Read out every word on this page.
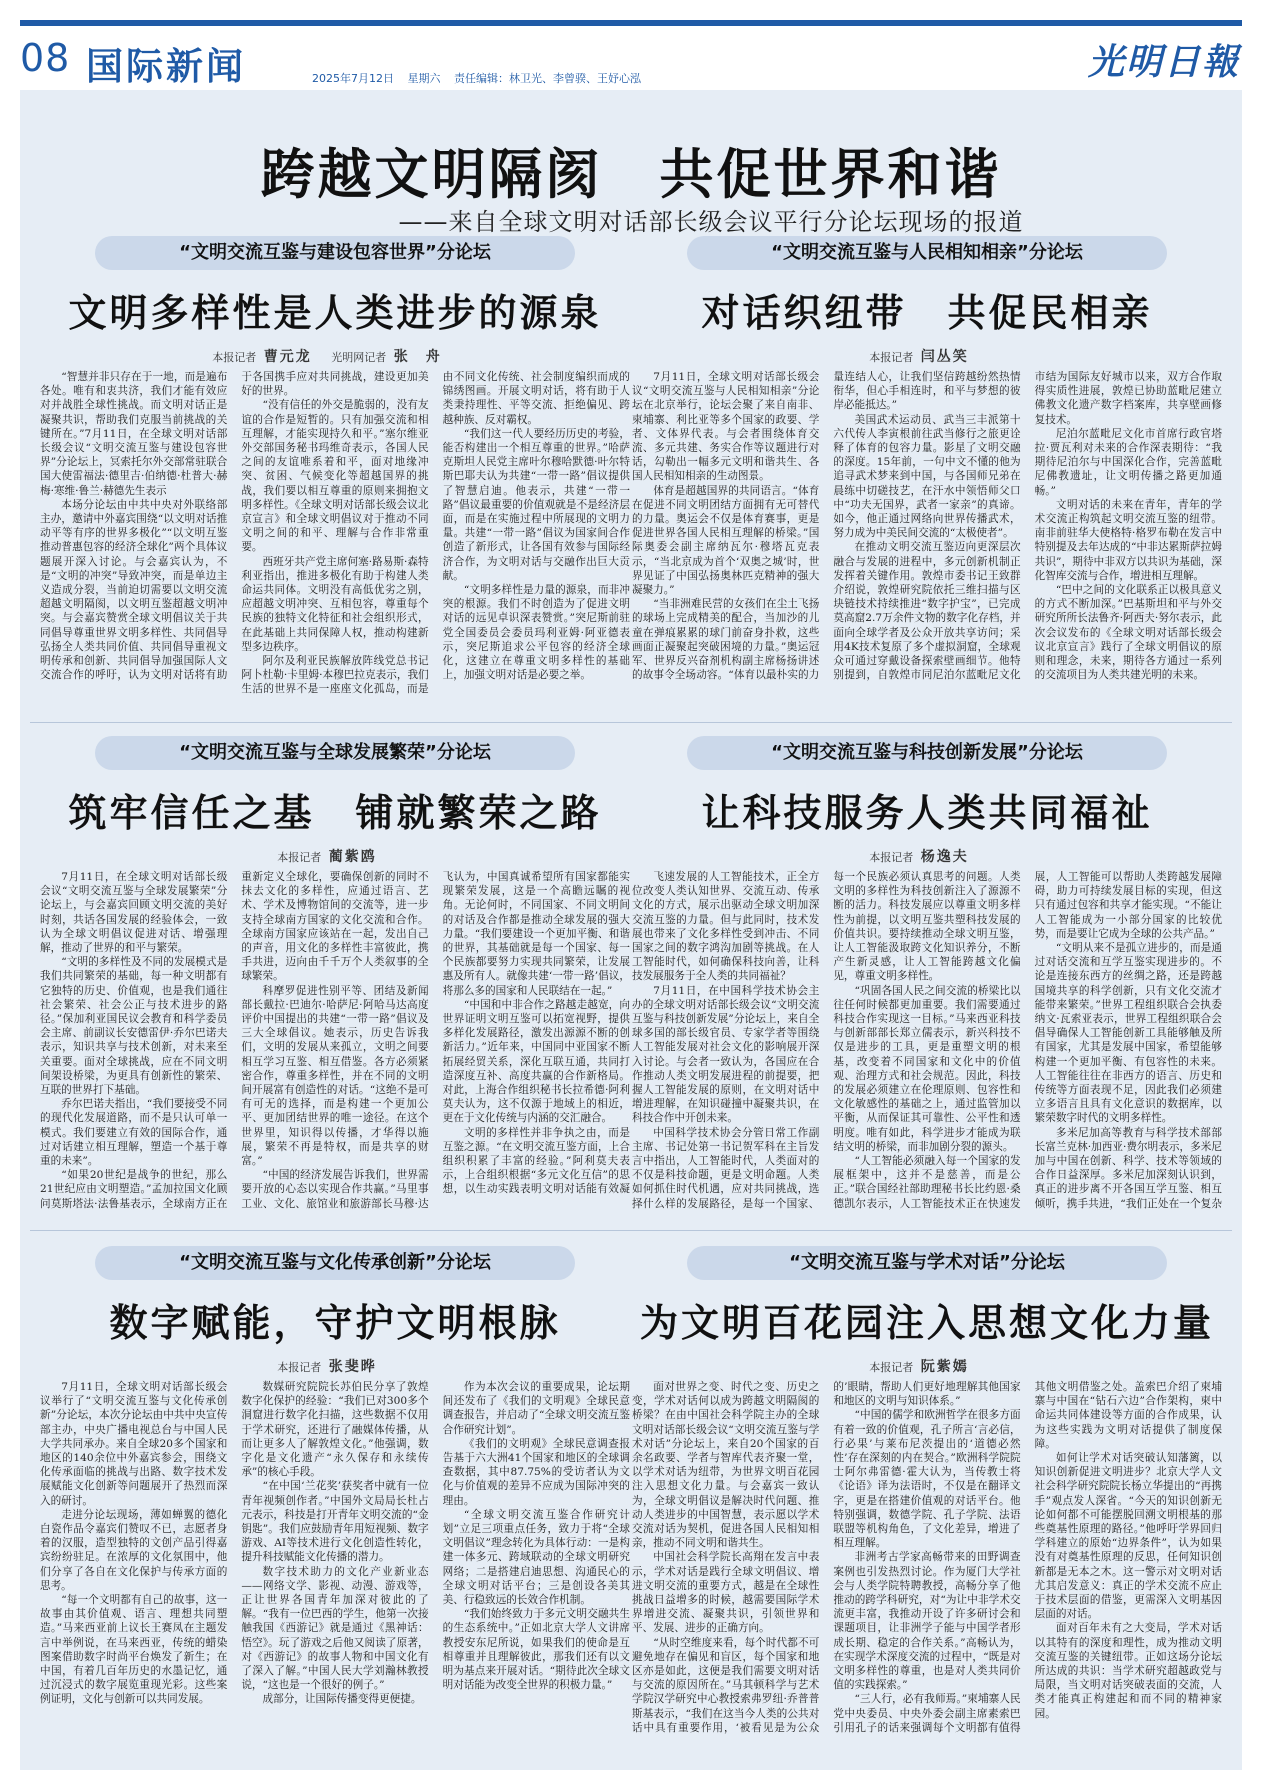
08 国际新闻	2025年7月12日 星期六 责任编辑：林卫光、李曾骙、王妤心泓	光明日報
跨越文明隔阂　共促世界和谐
——来自全球文明对话部长级会议平行分论坛现场的报道
“文明交流互鉴与建设包容世界”分论坛
文明多样性是人类进步的源泉
本报记者 曹元龙 光明网记者 张　舟

“智慧并非只存在于一地，而是遍布各处。唯有和衷共济，我们才能有效应对并战胜全球性挑战。而文明对话正是凝聚共识，帮助我们克服当前挑战的关键所在。”7月11日，在全球文明对话部长级会议“文明交流互鉴与建设包容世界”分论坛上，冥索托尔外交部常驻联合国大使雷福法·德里吉·伯纳德·杜普大·赫梅·寒维·鲁兰·赫德先生表示

本场分论坛由中共中央对外联络部主办，邀请中外嘉宾围绕“以文明对话推动平等有序的世界多极化”“以文明互鉴推动普惠包容的经济全球化”两个具体议题展开深入讨论。与会嘉宾认为，不是“文明的冲突”导致冲突，而是单边主义造成分裂，当前迫切需要以文明交流超越文明隔阂，以文明互鉴超越文明冲突。与会嘉宾赞赏全球文明倡议关于共同倡导尊重世界文明多样性、共同倡导弘扬全人类共同价值、共同倡导重视文明传承和创新、共同倡导加强国际人文交流合作的呼吁，认为文明对话将有助于各国携手应对共同挑战，建设更加美好的世界。

“没有信任的外交是脆弱的，没有友谊的合作是短暂的。只有加强交流和相互理解，才能实现持久和平。”塞尔维亚外交部国务秘书玛维奇表示，各国人民之间的友谊唯系着和平，面对地缘冲突、贫困、气候变化等超越国界的挑战，我们要以相互尊重的原则来拥抱文明多样性。《全球文明对话部长级会议北京宣言》和全球文明倡议对于推动不同文明之间的和平、理解与合作非常重要。

西班牙共产党主席何塞·路易斯·森特利亚指出，推进多极化有助于构建人类命运共同体。文明没有高低优劣之别，应超越文明冲突、互相包容，尊重每个民族的独特文化特征和社会组织形式，在此基础上共同保障人权，推动构建新型多边秩序。

阿尔及利亚民族解放阵线党总书记阿卜杜勒·卡里姆·本穆巴拉克表示，我们生活的世界不是一座座文化孤岛，而是由不同文化传统、社会制度编织而成的锦绣图画。开展文明对话，将有助于人类秉持理性、平等交流、拒绝偏见、跨越种族、反对霸权。

“我们这一代人要经历历史的考验，能否构建出一个相互尊重的世界。”哈萨克斯坦人民党主席叶尔穆哈默德·叶尔特斯巴耶夫认为共建“一带一路”倡议提供了智慧启迪。他表示，共建“一带一路”倡议最重要的价值观就是不是经济层面，而是在实施过程中所展现的文明力量。共建“一带一路”倡议为国家间合作创造了新形式，让各国有效参与国际经济合作，为文明对话与交融作出巨大贡献。

“文明多样性是力量的源泉，而非冲突的根源。我们不时创造为了促进文明对话的远见卓识深表赞赏。”突尼斯前驻党全国委员会委员玛利亚姆·阿亚德表示，突尼斯追求公平包容的经济全球化，这建立在尊重文明多样性的基础上，加强文明对话是必要之举。

“文明交流互鉴与人民相知相亲”分论坛
对话织纽带　共促民相亲
本报记者 闫丛笑

7月11日，全球文明对话部长级会议“文明交流互鉴与人民相知相亲”分论坛在北京举行，论坛会聚了来自南非、柬埔寨、利比亚等多个国家的政要、学者、文体界代表。与会者围绕体育交流、多元共建、务实合作等议题进行对话，勾勒出一幅多元文明和谐共生、各国人民相知相亲的生动图景。

体育是超越国界的共同语言。“体育在促进不同文明团结方面拥有无可替代的力量。奥运会不仅是体育赛事，更是促进世界各国人民相互理解的桥梁。”国际奥委会副主席纳瓦尔·穆塔瓦克表示，“当北京成为首个‘双奥之城’时，世界见证了中国弘扬奥林匹克精神的强大凝聚力。”

“当非洲难民营的女孩们在尘土飞扬的球场上完成精美的配合，当加沙的儿童在弹痕累累的球门前奋身扑救，这些画面正凝聚起突破困境的力量。”奥运冠军、世界反兴奋剂机构副主席杨扬讲述的故事令全场动容。“体育以最朴实的力量连结人心，让我们坚信跨越纷然热情衔华，但心手相连时，和平与梦想的彼岸必能抵达。”

美国武术运动员、武当三丰派第十六代传人李寅根前往武当修行之旅更诠释了体育的包容力量。影星了文明交融的深度。15年前，一句中文不懂的他为追寻武术梦来到中国，与各国师兄弟在晨练中切磋技艺，在汗水中领悟师父口中“功夫无国界，武者一家亲”的真谛。如今，他正通过网络向世界传播武术，努力成为中美民间交流的“太极使者”。

在推动文明交流互鉴迈向更深层次融合与发展的进程中，多元创新机制正发挥着关键作用。敦煌市委书记王致群介绍说，敦煌研究院依托三维扫描与区块链技术持续推进“数字护宝”，已完成莫高窟2.7万余件文物的数字化存档，并面向全球学者及公众开放共享访问；采用4K技术复原了多个虚拟洞窟，全球观众可通过穿戴设备探索壁画细节。他特别提到，自敦煌市同尼泊尔蓝毗尼文化市结为国际友好城市以来，双方合作取得实质性进展，敦煌已协助蓝毗尼建立佛教文化遗产数字档案库，共享壁画修复技术。

尼泊尔蓝毗尼文化市首席行政官塔拉·贾瓦利对未来的合作深表期待：“我期待尼泊尔与中国深化合作，完善蓝毗尼佛教遗址，让文明传播之路更加通畅。”

文明对话的未来在青年，青年的学术交流正构筑起文明交流互鉴的纽带。南非前驻华大使格特·格罗布勒在发言中特别提及去年达成的“中非达累斯萨拉姆共识”，期待中非双方以共识为基础，深化智库交流与合作，增进相互理解。

“巴中之间的文化联系正以极具意义的方式不断加深。”巴基斯坦和平与外交研究所所长法鲁齐·阿西夫·努尔表示，此次会议发布的《全球文明对话部长级会议北京宣言》践行了全球文明倡议的原则和理念，未来，期待各方通过一系列的交流项目为人类共建光明的未来。

“文明交流互鉴与全球发展繁荣”分论坛
筑牢信任之基　铺就繁荣之路
本报记者 蔺紫鸥

7月11日，在全球文明对话部长级会议“文明交流互鉴与全球发展繁荣”分论坛上，与会嘉宾回顾文明交流的美好时刻，共话各国发展的经验体会，一致认为全球文明倡议促进对话、增强理解，推动了世界的和平与繁荣。

“文明的多样性及不同的发展模式是我们共同繁荣的基础，每一种文明都有它独特的历史、价值观，也是我们通往社会繁荣、社会公正与技术进步的路径。”保加利亚国民议会教育和科学委员会主席、前副议长安德雷伊·乔尔巴诺夫表示，知识共享与技术创新，对未来至关重要。面对全球挑战，应在不同文明间架设桥梁，为更具有创新性的繁荣、互联的世界打下基础。

乔尔巴诺夫指出，“我们要接受不同的现代化发展道路，而不是只认可单一模式。我们要建立有效的国际合作，通过对话建立相互理解，塑造一个基于尊重的未来”。

“如果20世纪是战争的世纪，那么21世纪应由文明塑造。”孟加拉国文化顾问莫斯塔法·法鲁基表示，全球南方正在重新定义全球化，要确保创新的同时不抹去文化的多样性，应通过语言、艺术、学术及博物馆间的交流等，进一步支持全球南方国家的文化交流和合作。全球南方国家应该站在一起，发出自己的声音，用文化的多样性丰富彼此，携手共进，迈向由千千万个人类叙事的全球繁荣。

科摩罗促进性别平等、团结及新闻部长戴拉·巴迪尔·哈萨尼·阿哈马达高度评价中国提出的共建“一带一路”倡议及三大全球倡议。她表示，历史告诉我们，文明的发展从来孤立，文明之间要相互学习互鉴、相互借鉴。各方必须紧密合作，尊重多样性，并在不同的文明间开展富有创造性的对话。“这绝不是可有可无的选择，而是构建一个更加公平、更加团结世界的唯一途径。在这个世界里，知识得以传播，才华得以施展，繁荣不再是特权，而是共享的财富。”

“中国的经济发展告诉我们，世界需要开放的心态以实现合作共赢。”马里事工业、文化、旅馆业和旅游部长马穆·达飞认为，中国真诚希望所有国家都能实现繁荣发展，这是一个高瞻远瞩的视角。无论何时，不同国家、不同文明间的对话及合作都是推动全球发展的强大力量。“我们要建设一个更加平衡、和谐的世界，其基础就是每一个国家、每一个民族都要努力实现共同繁荣，让发展惠及所有人。就像共建‘一带一路’倡议，将那么多的国家和人民联结在一起。”

“中国和中非合作之路越走越宽，向世界证明文明互鉴可以拓宽视野，提供多样化发展路径，激发出源源不断的创新活力。”近年来，中国同中亚国家不断拓展经贸关系，深化互联互通，共同打造深度互补、高度共赢的合作新格局。对此，上海合作组织秘书长拉希德·阿利莫夫认为，这不仅源于地域上的相近，更在于文化传统与内涵的交汇融合。

文明的多样性并非争执之由，而是互鉴之源。“在文明交流互鉴方面，上合组织积累了丰富的经验。”阿利莫夫表示，上合组织根据“多元文化互信”的思想，以生动实践表明文明对话能有效凝

“文明交流互鉴与科技创新发展”分论坛
让科技服务人类共同福祉
本报记者 杨逸夫

飞速发展的人工智能技术，正全方位改变人类认知世界、交流互动、传承文化的方式，展示出驱动全球文明加深交流互鉴的力量。但与此同时，技术发展也带来了文化多样性受到冲击、不同国家之间的数字鸿沟加剧等挑战。在人工智能时代，如何确保科技向善，让科技发展服务于全人类的共同福祉？

7月11日，在中国科学技术协会主办的全球文明对话部长级会议“文明交流互鉴与科技创新发展”分论坛上，来自全球多国的部长级官员、专家学者等围绕人工智能发展对社会文化的影响展开深入讨论。与会者一致认为，各国应在合作推动人类文明发展进程的前提要，把握人工智能发展的原则，在文明对话中增进理解，在知识碰撞中凝聚共识，在科技合作中开创未来。

中国科学技术协会分管日常工作副主席、书记处第一书记贺军科在主旨发言中指出，人工智能时代，人类面对的不仅是科技命题，更是文明命题。人类如何抓住时代机遇，应对共同挑战，选择什么样的发展路径，是每一个国家、每一个民族必须认真思考的问题。人类文明的多样性为科技创新注入了源源不断的活力。科技发展应以尊重文明多样性为前提，以文明互鉴共塑科技发展的价值共识。要持续推动全球文明互鉴，让人工智能汲取跨文化知识养分，不断产生新灵感，让人工智能跨越文化偏见，尊重文明多样性。

“巩固各国人民之间交流的桥梁比以往任何时候都更加重要。我们需要通过科技合作实现这一目标。”马来西亚科技与创新部部长郑立儒表示，新兴科技不仅是进步的工具，更是重塑文明的根基，改变着不同国家和文化中的价值观、治理方式和社会规范。因此，科技的发展必须建立在伦理原则、包容性和文化敏感性的基础之上，通过监管加以平衡，从而保证其可靠性、公平性和透明度。唯有如此，科学进步才能成为联结文明的桥梁，而非加剧分裂的源头。

“人工智能必须融入每一个国家的发展框架中，这并不是慈善，而是公正。”联合国经社部助理秘书长比约恩·桑德凯尔表示，人工智能技术正在快速发展，人工智能可以帮助人类跨越发展障碍，助力可持续发展目标的实现，但这只有通过包容和共享才能实现。“不能让人工智能成为一小部分国家的比较优势，而是要让它成为全球的公共产品。”

“文明从来不是孤立进步的，而是通过对话交流和互学互鉴实现进步的。不论是连接东西方的丝绸之路，还是跨越国境共享的科学创新，只有文化交流才能带来繁荣。”世界工程组织联合会执委纳文·瓦索亚表示，世界工程组织联合会倡导确保人工智能创新工具能够触及所有国家，尤其是发展中国家，希望能够构建一个更加平衡、有包容性的未来。人工智能往往在非西方的语言、历史和传统等方面表现不足，因此我们必须建立多语言且具有文化意识的数据库，以繁荣数字时代的文明多样性。

多米尼加高等教育与科学技术部部长富兰克林·加西亚·费尔明表示，多米尼加与中国在创新、科学、技术等领域的合作日益深厚。多米尼加深刻认识到，真正的进步离不开各国互学互鉴、相互倾听，携手共进，“我们正处在一个复杂

“文明交流互鉴与文化传承创新”分论坛
数字赋能，守护文明根脉
本报记者 张斐晔

7月11日，全球文明对话部长级会议举行了“文明交流互鉴与文化传承创新”分论坛，本次分论坛由中共中央宣传部主办，中央广播电视总台与中国人民大学共同承办。来自全球20多个国家和地区的140余位中外嘉宾参会，围绕文化传承面临的挑战与出路、数字技术发展赋能文化创新等问题展开了热烈而深入的研讨。

走进分论坛现场，薄如蝉翼的德化白瓷作品令嘉宾们赞叹不已，志愿者身着的汉服，造型独特的文创产品引得嘉宾纷纷驻足。在浓厚的文化氛围中，他们分享了各自在文化保护与传承方面的思考。

“每一个文明都有自己的故事，这一故事由其价值观、语言、理想共同塑造。”马来西亚前上议长王赛凤在主题发言中举例说，在马来西亚，传统的蜡染图案借助数字时尚平台焕发了新生；在中国，有着几百年历史的水墨记忆，通过沉浸式的数字展览重现光彩。这些案例证明，文化与创新可以共同发展。

数媒研究院院长苏伯民分享了敦煌数字化保护的经验：“我们已对300多个洞窟进行数字化扫描，这些数据不仅用于学术研究，还进行了融媒体传播，从而让更多人了解敦煌文化。”他强调，数字化是文化遗产“永久保存和永续传承”的核心手段。

“在中国‘兰花奖’获奖者中就有一位青年视频创作者。”中国外文局局长杜占元表示，科技是打开青年文明交流的“金钥匙”。我们应鼓励青年用短视频、数字游戏、AI等技术进行文化创造性转化，提升科技赋能文化传播的潜力。

数字技术助力的文化产业新业态——网络文学、影视、动漫、游戏等，正让世界各国青年加深对彼此的了解。“我有一位巴西的学生，他第一次接触我国《西游记》就是通过《黑神话：悟空》。玩了游戏之后他又阅读了原著，对《西游记》的故事人物和中国文化有了深入了解。”中国人民大学刘瀚林教授说，“这也是一个很好的例子。”

成部分，让国际传播变得更便捷。

作为本次会议的重要成果，论坛期间还发布了《我们的文明观》全球民意调查报告，并启动了“全球文明交流互鉴合作研究计划”。

《我们的文明观》全球民意调查报告基于六大洲41个国家和地区的全球调查数据，其中87.75%的受访者认为文化与价值观的差异不应成为国际冲突的理由。

“全球文明交流互鉴合作研究计划”立足三项重点任务，致力于将“全球文明倡议”理念转化为具体行动：一是构建一体多元、跨域联动的全球文明研究网络；二是搭建启迪思想、沟通民心的全球文明对话平台；三是创设各美其美、行稳致远的长效合作机制。

“我们始终致力于多元文明交融共生的生态系统中。”正如北京大学人文讲席教授安东尼所说，如果我们的使命是互相尊重并且理解彼此，那我们还有以文明为基点来开展对话。“期待此次全球文明对话能为改变全世界的积极力量。”

“文明交流互鉴与学术对话”分论坛
为文明百花园注入思想文化力量
本报记者 阮紫嫣

面对世界之变、时代之变、历史之变，学术对话何以成为跨越文明隔阂的桥梁？在由中国社会科学院主办的全球文明对话部长级会议“文明交流互鉴与学术对话”分论坛上，来自20个国家的百余名政要、学者与智库代表齐聚一堂，以学术对话为纽带，为世界文明百花园注入思想文化力量。与会嘉宾一致认为，全球文明倡议是解决时代问题、推动人类进步的中国智慧，表示愿以学术交流对话为契机，促进各国人民相知相亲，推动不同文明和谐共生。

中国社会科学院长高翔在发言中表示，学术对话是践行全球文明倡议、增进文明交流的重要方式，越是在全球性挑战日益增多的时候，越需要国际学术界增进交流、凝聚共识，引领世界和平、发展、进步的正确方向。

“从时空维度来看，每个时代都不可避免地存在偏见和盲区，每个国家和地区亦是如此，这便是我们需要文明对话与交流的原因所在。”马其顿科学与艺术学院汉学研究中心教授索弗罗纽·乔普普斯基表示，“我们在这当今人类的公共对话中具有重要作用，‘被看见是为公众的’眼睛，帮助人们更好地理解其他国家和地区的文明与知识体系。”

“中国的儒学和欧洲哲学在很多方面有着一致的价值观，孔子所言‘言必信，行必果’与莱布尼茨提出的‘道德必然性’存在深刻的内在契合。”欧洲科学院院士阿尔弗雷德·霍大认为，当传教士将《论语》译为法语时，不仅是在翻译文字，更是在搭建价值观的对话平台。他特别强调，数德学院、孔子学院、法语联盟等机构角色，了文化差异，增进了相互理解。

非洲考古学家高畅带来的田野调查案例也引发热烈讨论。作为厦门大学社会与人类学院特聘教授，高畅分享了他推动的跨学科研究，对“为让中非学术交流更丰富，我推动开设了许多研讨会和课题项目，让非洲学子能与中国学者形成长期、稳定的合作关系。”高畅认为，在实现学术深度交流的过程中，“既是对文明多样性的尊重，也是对人类共同价值的实践探索。”

“三人行，必有我师焉。”柬埔寨人民党中央委员、中央外委会副主席素索巴引用孔子的话来强调每个文明都有值得其他文明借鉴之处。盖索巴介绍了柬埔寨与中国在“钻石六边”合作架构，柬中命运共同体建设等方面的合作成果，认为这些实践为文明对话提供了制度保障。

如何让学术对话突破认知藩篱，以知识创新促进文明进步？北京大学人文社会科学研究院院长杨立华提出的“再携手”观点发人深省。“今天的知识创新无论如何都不可能摆脱回溯文明根基的那些奠基性原理的路径。”他呼吁学界回归学科建立的原始“边界条件”，认为如果没有对奠基性原理的反思，任何知识创新都是无本之木。这一警示对文明对话尤其启发意义：真正的学术交流不应止于技术层面的借鉴，更需深入文明基因层面的对话。

面对百年未有之大变局，学术对话以其特有的深度和理性，成为推动文明交流互鉴的关键纽带。正如这场分论坛所达成的共识：当学术研究超越政党与局限，当文明对话突破表面的交流，人类才能真正构建起和而不同的精神家园。
